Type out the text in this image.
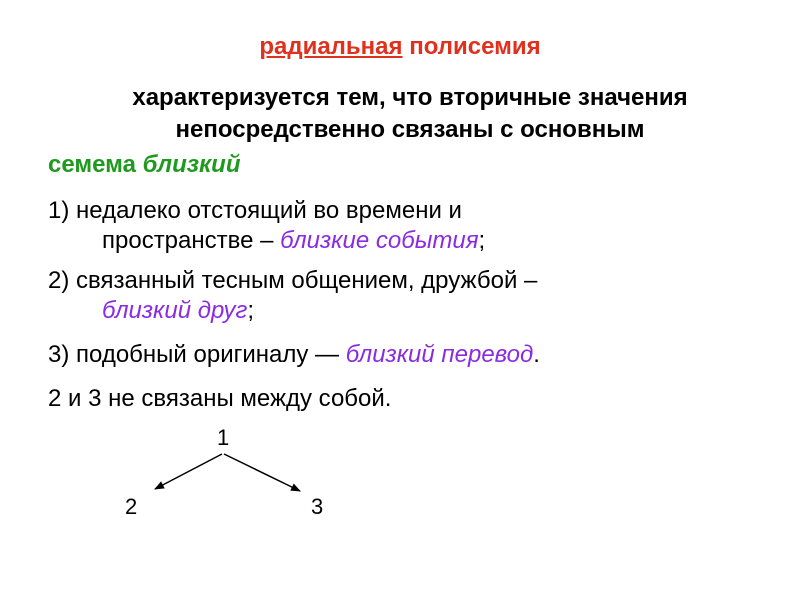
радиальная полисемия
характеризуется тем, что вторичные значения
непосредственно связаны с основным
семема близкий
1) недалеко отстоящий во времени и
пространстве – близкие события;
2) связанный тесным общением, дружбой –
близкий друг;
3) подобный оригиналу — близкий перевод.
2 и 3 не связаны между собой.
1
2	3
